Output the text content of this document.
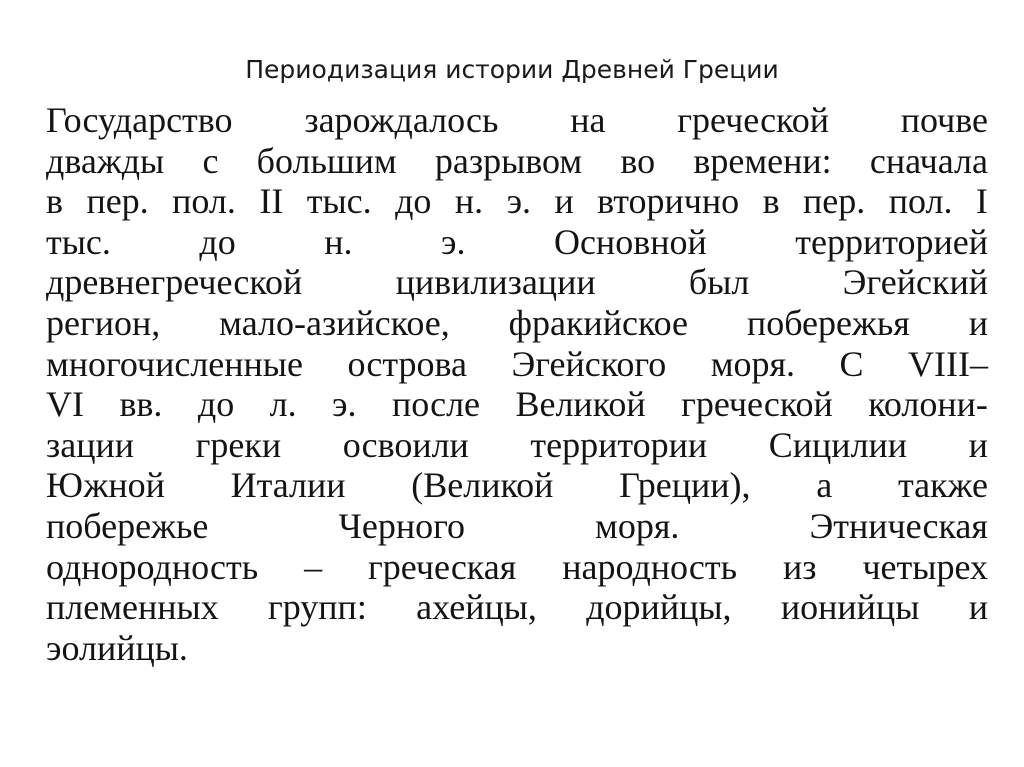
Периодизация истории Древней Греции
Государство зарождалось на греческой почве
дважды с большим разрывом во времени: сначала
в пер. пол. II тыс. до н. э. и вторично в пер. пол. I
тыс. до н. э. Основной территорией
древнегреческой	цивилизации	был	Эгейский
регион, мало-азийское, фракийское побережья и
многочисленные острова Эгейского моря. С VIII–
VI вв. до л. э. после Великой греческой колони-
зации греки освоили территории Сицилии и
Южной Италии (Великой Греции), а также
побережье	Черного	моря.	Этническая
однородность – греческая народность из четырех
племенных групп: ахейцы, дорийцы, ионийцы и
эолийцы.
